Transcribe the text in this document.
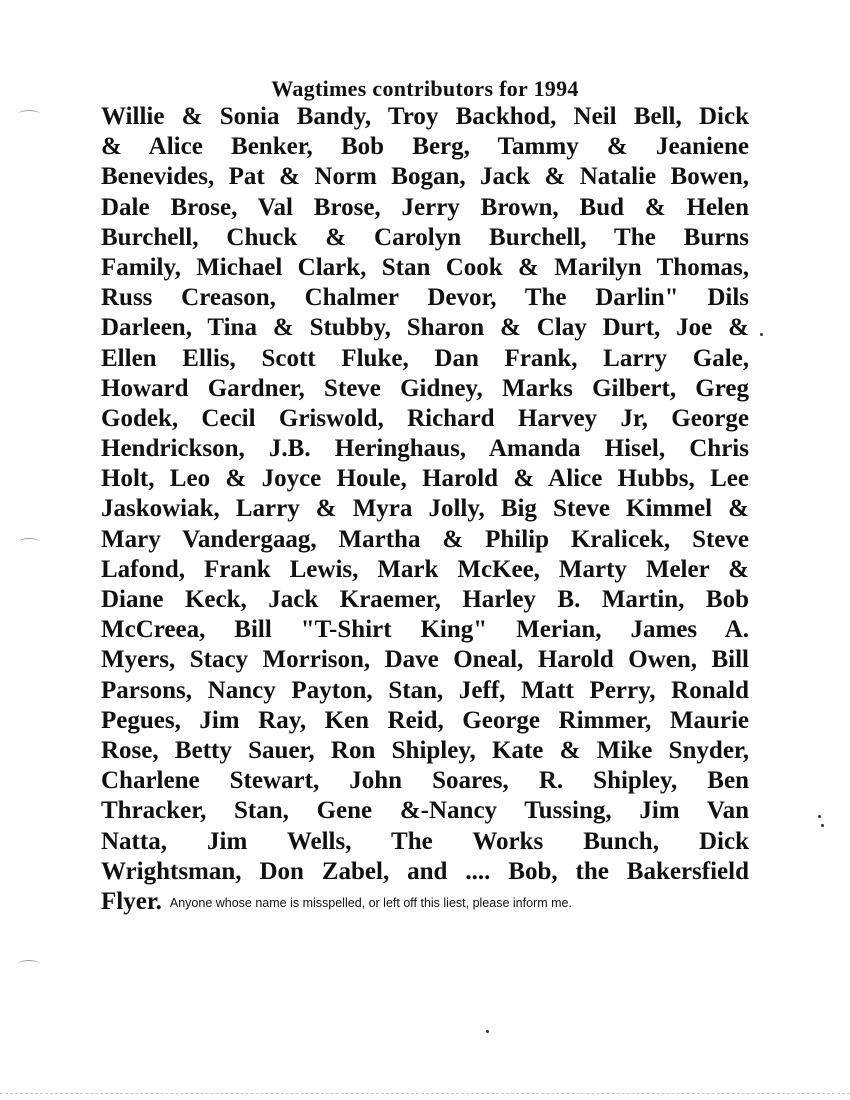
Wagtimes contributors for 1994
Willie & Sonia Bandy, Troy Backhod, Neil Bell, Dick
& Alice Benker, Bob Berg, Tammy & Jeaniene
Benevides, Pat & Norm Bogan, Jack & Natalie Bowen,
Dale Brose, Val Brose, Jerry Brown, Bud & Helen
Burchell, Chuck & Carolyn Burchell, The Burns
Family, Michael Clark, Stan Cook & Marilyn Thomas,
Russ Creason, Chalmer Devor, The Darlin" Dils
Darleen, Tina & Stubby, Sharon & Clay Durt, Joe &
Ellen Ellis, Scott Fluke, Dan Frank, Larry Gale,
Howard Gardner, Steve Gidney, Marks Gilbert, Greg
Godek, Cecil Griswold, Richard Harvey Jr, George
Hendrickson, J.B. Heringhaus, Amanda Hisel, Chris
Holt, Leo & Joyce Houle, Harold & Alice Hubbs, Lee
Jaskowiak, Larry & Myra Jolly, Big Steve Kimmel &
Mary Vandergaag, Martha & Philip Kralicek, Steve
Lafond, Frank Lewis, Mark McKee, Marty Meler &
Diane Keck, Jack Kraemer, Harley B. Martin, Bob
McCreea, Bill "T-Shirt King" Merian, James A.
Myers, Stacy Morrison, Dave Oneal, Harold Owen, Bill
Parsons, Nancy Payton, Stan, Jeff, Matt Perry, Ronald
Pegues, Jim Ray, Ken Reid, George Rimmer, Maurie
Rose, Betty Sauer, Ron Shipley, Kate & Mike Snyder,
Charlene Stewart, John Soares, R. Shipley, Ben
Thracker, Stan, Gene &-Nancy Tussing, Jim Van
Natta, Jim Wells, The Works Bunch, Dick
Wrightsman, Don Zabel, and .... Bob, the Bakersfield
Flyer. Anyone whose name is misspelled, or left off this liest, please inform me.
